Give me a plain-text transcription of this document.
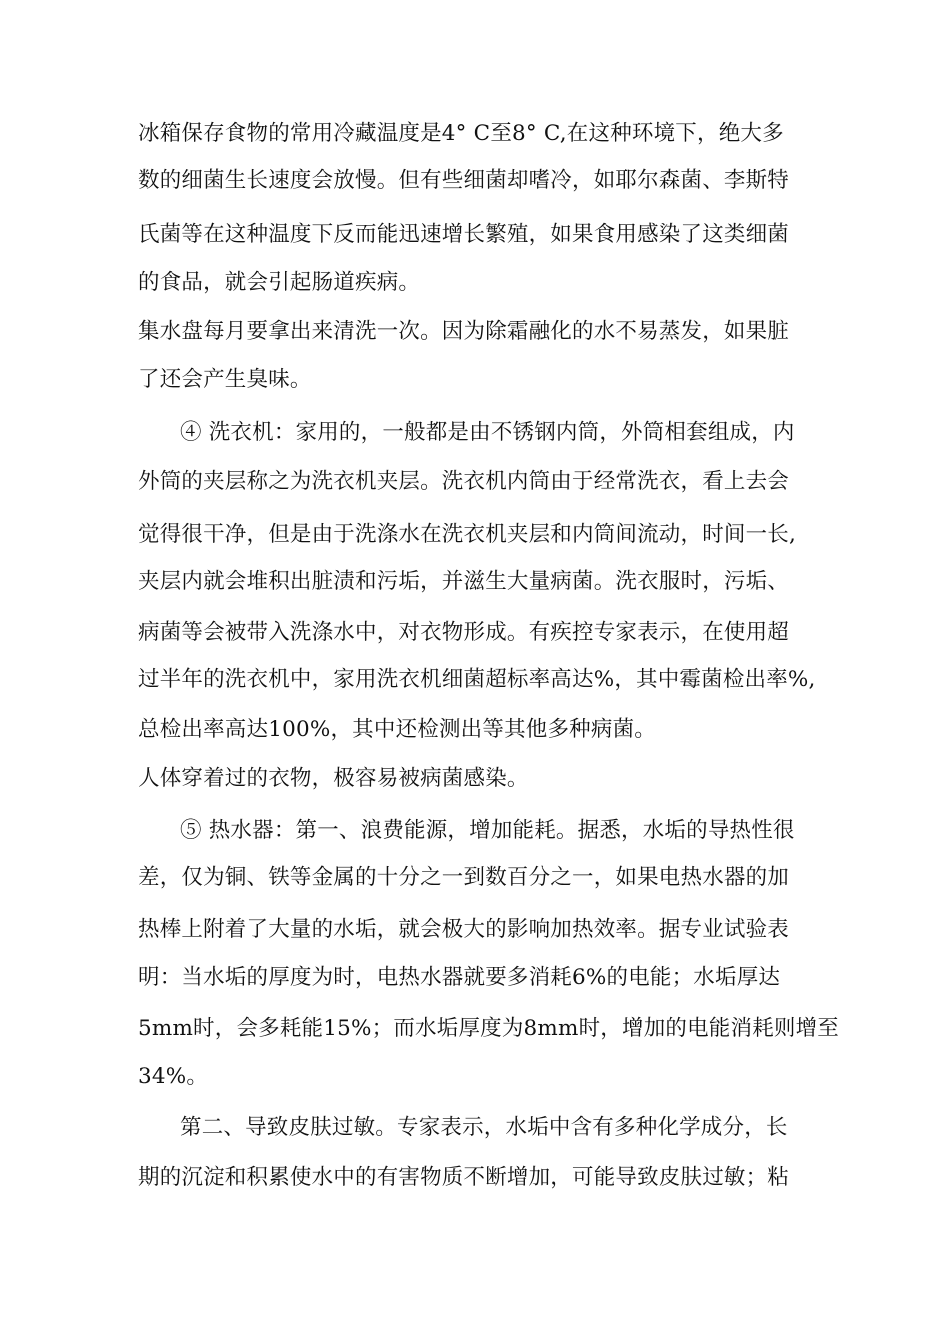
冰箱保存食物的常用冷藏温度是4° C至8° C,在这种环境下，绝大多
数的细菌生长速度会放慢。但有些细菌却嗜冷，如耶尔森菌、李斯特
氏菌等在这种温度下反而能迅速增长繁殖，如果食用感染了这类细菌
的食品，就会引起肠道疾病。
集水盘每月要拿出来清洗一次。因为除霜融化的水不易蒸发，如果脏
了还会产生臭味。
④ 洗衣机：家用的，一般都是由不锈钢内筒，外筒相套组成，内
外筒的夹层称之为洗衣机夹层。洗衣机内筒由于经常洗衣，看上去会
觉得很干净，但是由于洗涤水在洗衣机夹层和内筒间流动，时间一长,
夹层内就会堆积出脏渍和污垢，并滋生大量病菌。洗衣服时，污垢、
病菌等会被带入洗涤水中，对衣物形成。有疾控专家表示，在使用超
过半年的洗衣机中，家用洗衣机细菌超标率高达%，其中霉菌检出率%,
总检出率高达100%，其中还检测出等其他多种病菌。
人体穿着过的衣物，极容易被病菌感染。
⑤ 热水器：第一、浪费能源，增加能耗。据悉，水垢的导热性很
差，仅为铜、铁等金属的十分之一到数百分之一，如果电热水器的加
热棒上附着了大量的水垢，就会极大的影响加热效率。据专业试验表
明：当水垢的厚度为时，电热水器就要多消耗6%的电能；水垢厚达
5mm时，会多耗能15%；而水垢厚度为8mm时，增加的电能消耗则增至
34%。
第二、导致皮肤过敏。专家表示，水垢中含有多种化学成分，长
期的沉淀和积累使水中的有害物质不断增加，可能导致皮肤过敏；粘
